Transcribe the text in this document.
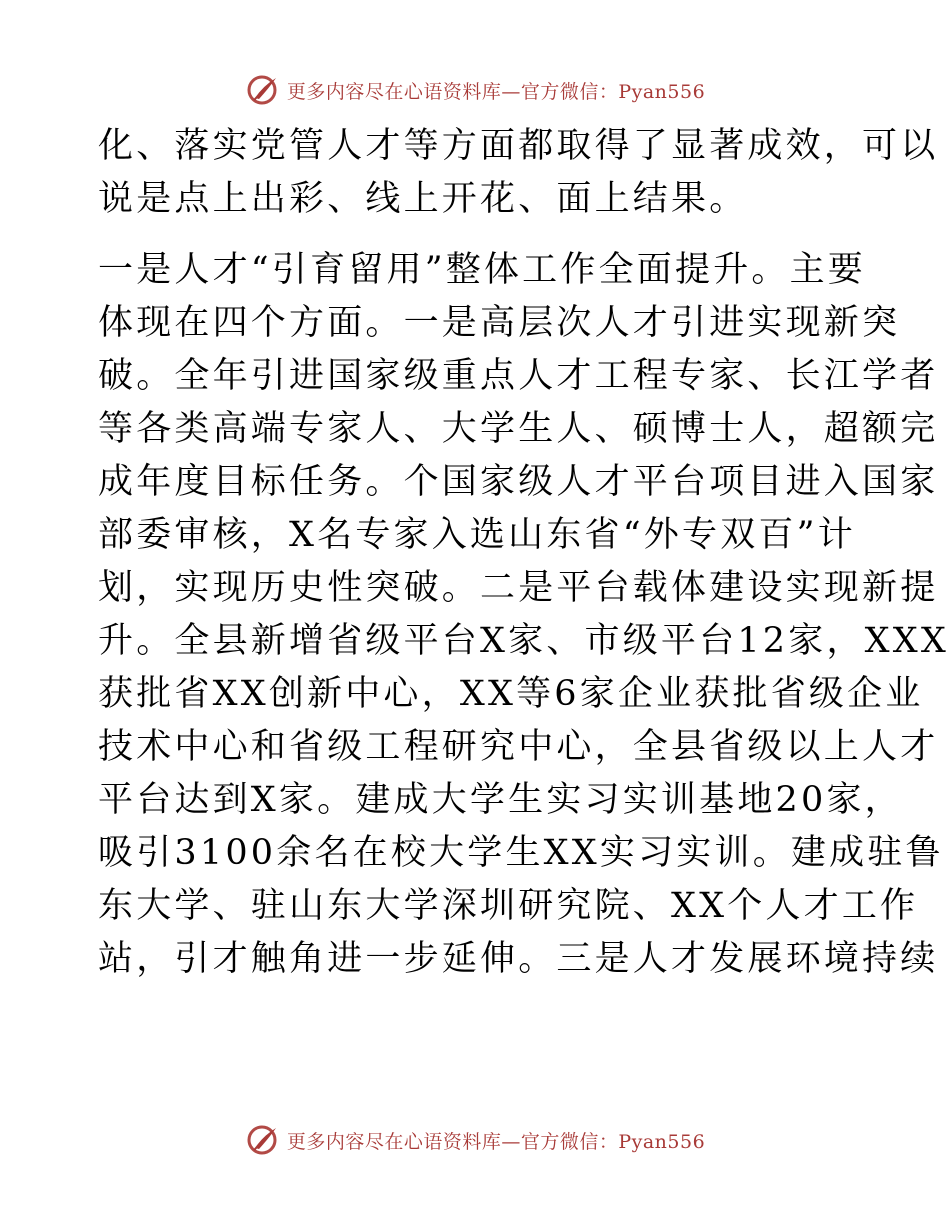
更多内容尽在心语资料库—官方微信：Pyan556
化、落实党管人才等方面都取得了显著成效，可以
说是点上出彩、线上开花、面上结果。
一是人才“引育留用”整体工作全面提升。主要
体现在四个方面。一是高层次人才引进实现新突
破。全年引进国家级重点人才工程专家、长江学者
等各类高端专家人、大学生人、硕博士人，超额完
成年度目标任务。个国家级人才平台项目进入国家
部委审核，X名专家入选山东省“外专双百”计
划，实现历史性突破。二是平台载体建设实现新提
升。全县新增省级平台X家、市级平台12家，XXX
获批省XX创新中心，XX等6家企业获批省级企业
技术中心和省级工程研究中心，全县省级以上人才
平台达到X家。建成大学生实习实训基地20家，
吸引3100余名在校大学生XX实习实训。建成驻鲁
东大学、驻山东大学深圳研究院、XX个人才工作
站，引才触角进一步延伸。三是人才发展环境持续
更多内容尽在心语资料库—官方微信：Pyan556
